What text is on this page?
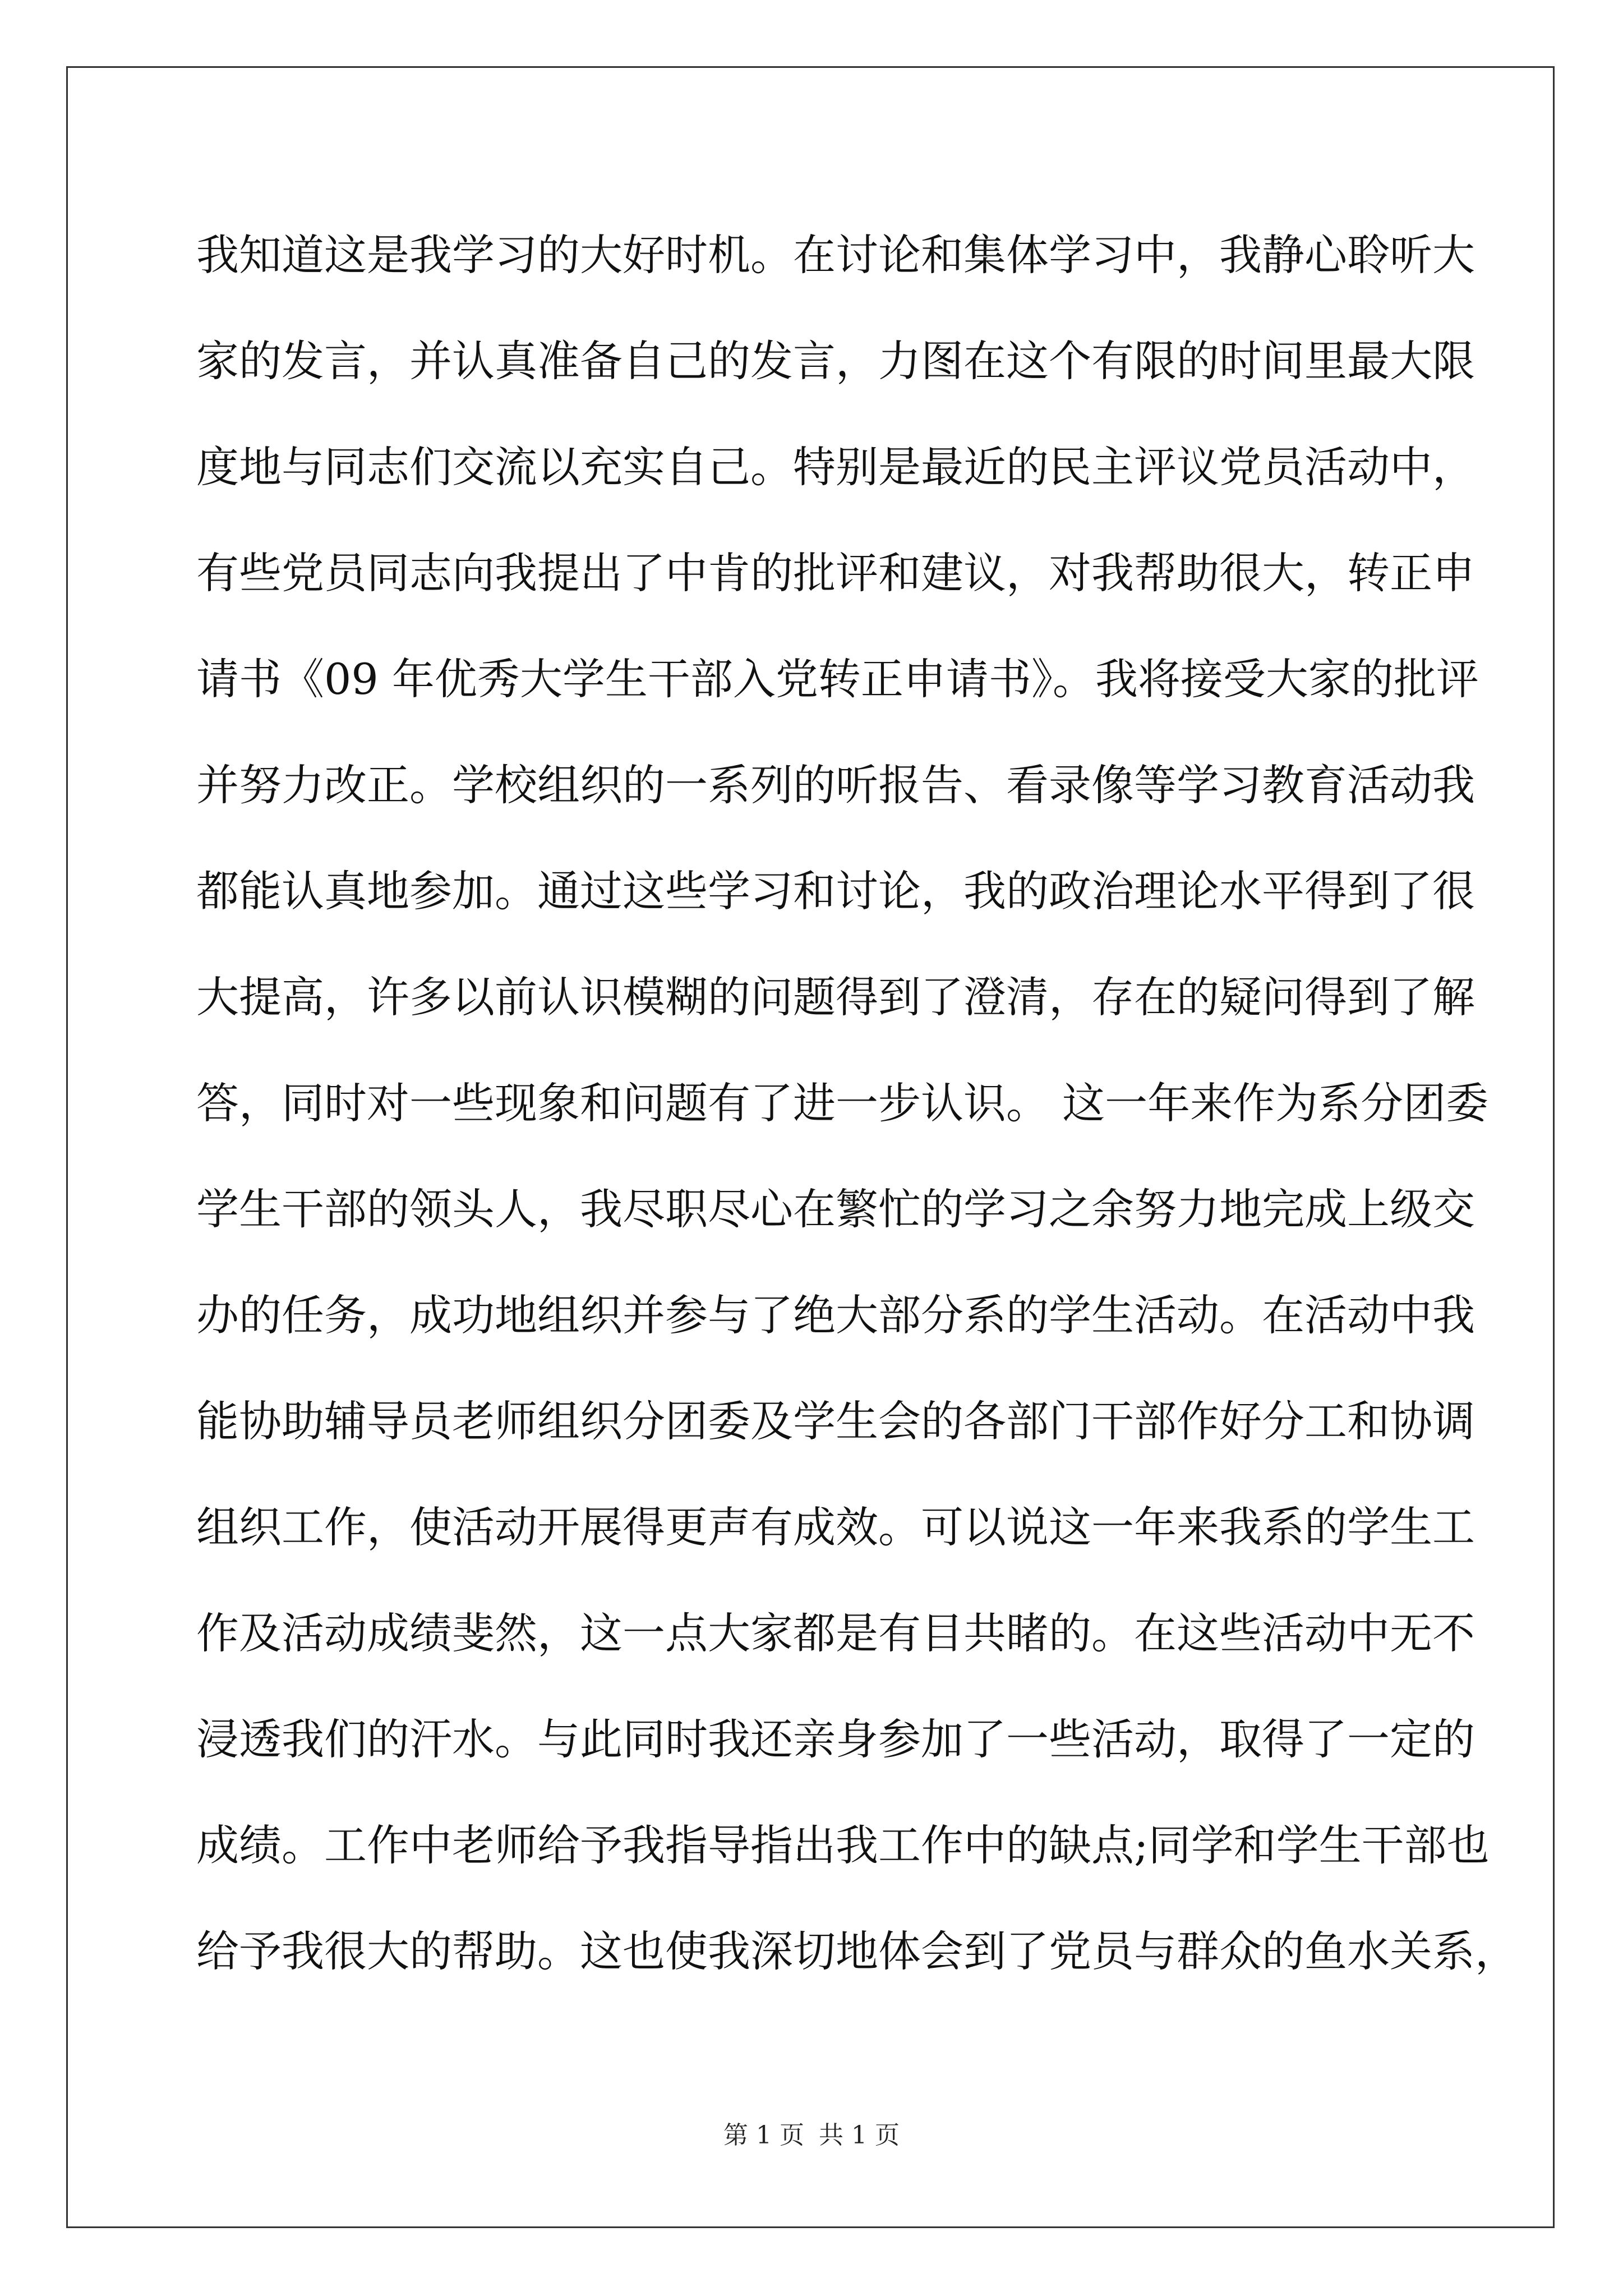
我知道这是我学习的大好时机。在讨论和集体学习中，我静心聆听大
家的发言，并认真准备自己的发言，力图在这个有限的时间里最大限
度地与同志们交流以充实自己。特别是最近的民主评议党员活动中，
有些党员同志向我提出了中肯的批评和建议，对我帮助很大，转正申
请书《09 年优秀大学生干部入党转正申请书》。我将接受大家的批评
并努力改正。学校组织的一系列的听报告、看录像等学习教育活动我
都能认真地参加。通过这些学习和讨论，我的政治理论水平得到了很
大提高，许多以前认识模糊的问题得到了澄清，存在的疑问得到了解
答，同时对一些现象和问题有了进一步认识。 这一年来作为系分团委
学生干部的领头人，我尽职尽心在繁忙的学习之余努力地完成上级交
办的任务，成功地组织并参与了绝大部分系的学生活动。在活动中我
能协助辅导员老师组织分团委及学生会的各部门干部作好分工和协调
组织工作，使活动开展得更声有成效。可以说这一年来我系的学生工
作及活动成绩斐然，这一点大家都是有目共睹的。在这些活动中无不
浸透我们的汗水。与此同时我还亲身参加了一些活动，取得了一定的
成绩。工作中老师给予我指导指出我工作中的缺点;同学和学生干部也
给予我很大的帮助。这也使我深切地体会到了党员与群众的鱼水关系，
第 1 页 共 1 页
